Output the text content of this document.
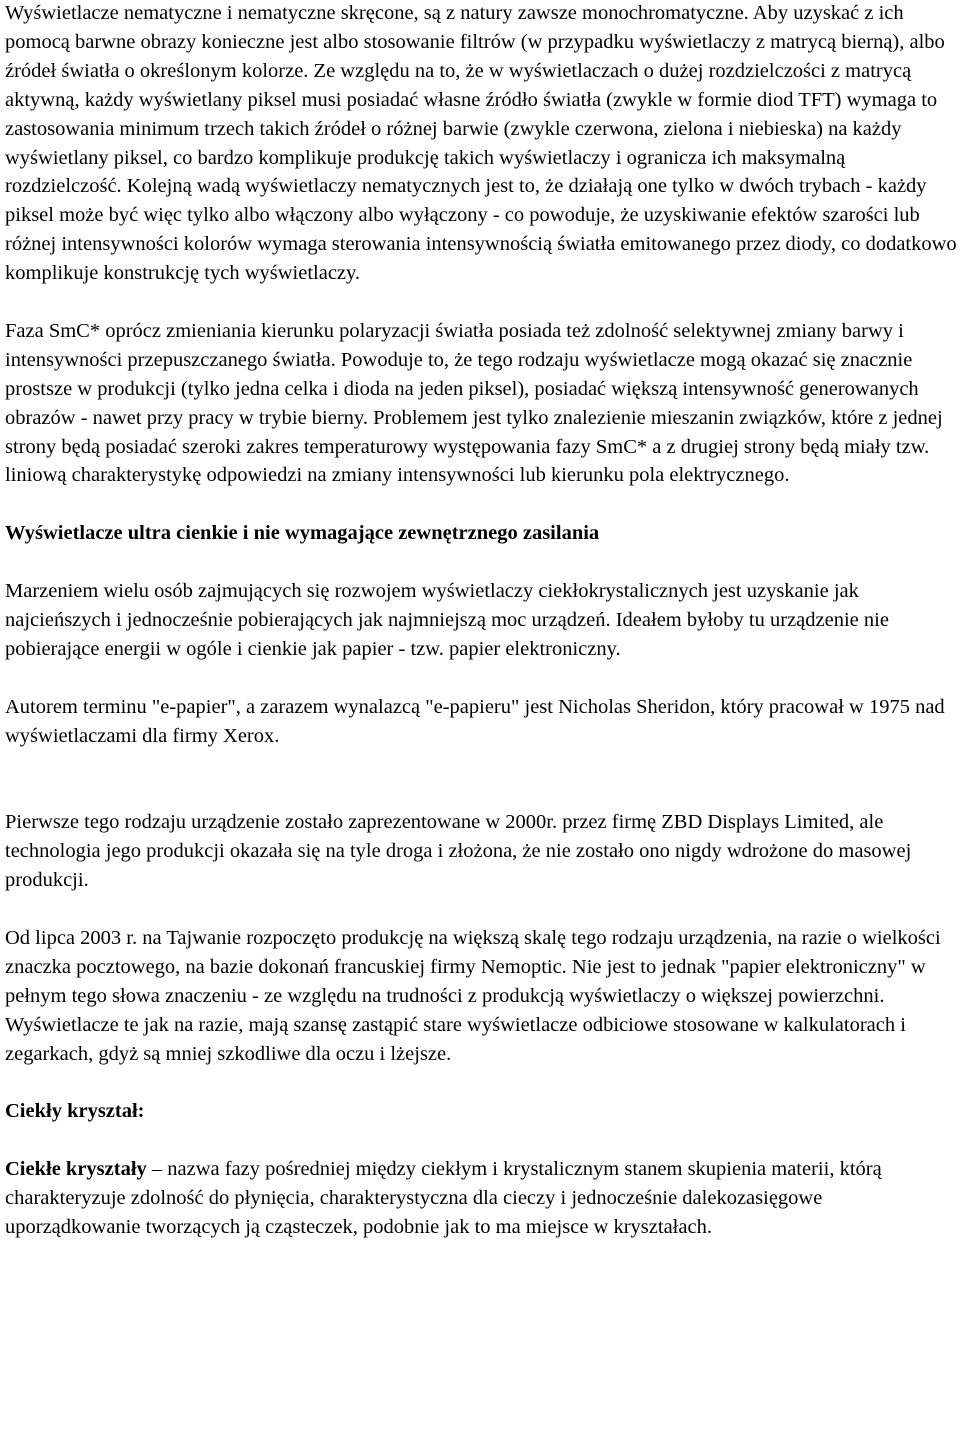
Wyświetlacze nematyczne i nematyczne skręcone, są z natury zawsze monochromatyczne. Aby uzyskać z ich pomocą barwne obrazy konieczne jest albo stosowanie filtrów (w przypadku wyświetlaczy z matrycą bierną), albo źródeł światła o określonym kolorze. Ze względu na to, że w wyświetlaczach o dużej rozdzielczości z matrycą aktywną, każdy wyświetlany piksel musi posiadać własne źródło światła (zwykle w formie diod TFT) wymaga to zastosowania minimum trzech takich źródeł o różnej barwie (zwykle czerwona, zielona i niebieska) na każdy wyświetlany piksel, co bardzo komplikuje produkcję takich wyświetlaczy i ogranicza ich maksymalną rozdzielczość. Kolejną wadą wyświetlaczy nematycznych jest to, że działają one tylko w dwóch trybach - każdy piksel może być więc tylko albo włączony albo wyłączony - co powoduje, że uzyskiwanie efektów szarości lub różnej intensywności kolorów wymaga sterowania intensywnością światła emitowanego przez diody, co dodatkowo komplikuje konstrukcję tych wyświetlaczy.

Faza SmC* oprócz zmieniania kierunku polaryzacji światła posiada też zdolność selektywnej zmiany barwy i intensywności przepuszczanego światła. Powoduje to, że tego rodzaju wyświetlacze mogą okazać się znacznie prostsze w produkcji (tylko jedna celka i dioda na jeden piksel), posiadać większą intensywność generowanych obrazów - nawet przy pracy w trybie bierny. Problemem jest tylko znalezienie mieszanin związków, które z jednej strony będą posiadać szeroki zakres temperaturowy występowania fazy SmC* a z drugiej strony będą miały tzw. liniową charakterystykę odpowiedzi na zmiany intensywności lub kierunku pola elektrycznego.

Wyświetlacze ultra cienkie i nie wymagające zewnętrznego zasilania

Marzeniem wielu osób zajmujących się rozwojem wyświetlaczy ciekłokrystalicznych jest uzyskanie jak najcieńszych i jednocześnie pobierających jak najmniejszą moc urządzeń. Ideałem byłoby tu urządzenie nie pobierające energii w ogóle i cienkie jak papier - tzw. papier elektroniczny.

Autorem terminu "e-papier", a zarazem wynalazcą "e-papieru" jest Nicholas Sheridon, który pracował w 1975 nad wyświetlaczami dla firmy Xerox.

Pierwsze tego rodzaju urządzenie zostało zaprezentowane w 2000r. przez firmę ZBD Displays Limited, ale technologia jego produkcji okazała się na tyle droga i złożona, że nie zostało ono nigdy wdrożone do masowej produkcji.

Od lipca 2003 r. na Tajwanie rozpoczęto produkcję na większą skalę tego rodzaju urządzenia, na razie o wielkości znaczka pocztowego, na bazie dokonań francuskiej firmy Nemoptic. Nie jest to jednak "papier elektroniczny" w pełnym tego słowa znaczeniu - ze względu na trudności z produkcją wyświetlaczy o większej powierzchni. Wyświetlacze te jak na razie, mają szansę zastąpić stare wyświetlacze odbiciowe stosowane w kalkulatorach i zegarkach, gdyż są mniej szkodliwe dla oczu i lżejsze.

Ciekły kryształ:

Ciekłe kryształy – nazwa fazy pośredniej między ciekłym i krystalicznym stanem skupienia materii, którą charakteryzuje zdolność do płynięcia, charakterystyczna dla cieczy i jednocześnie dalekozasięgowe uporządkowanie tworzących ją cząsteczek, podobnie jak to ma miejsce w kryształach.
